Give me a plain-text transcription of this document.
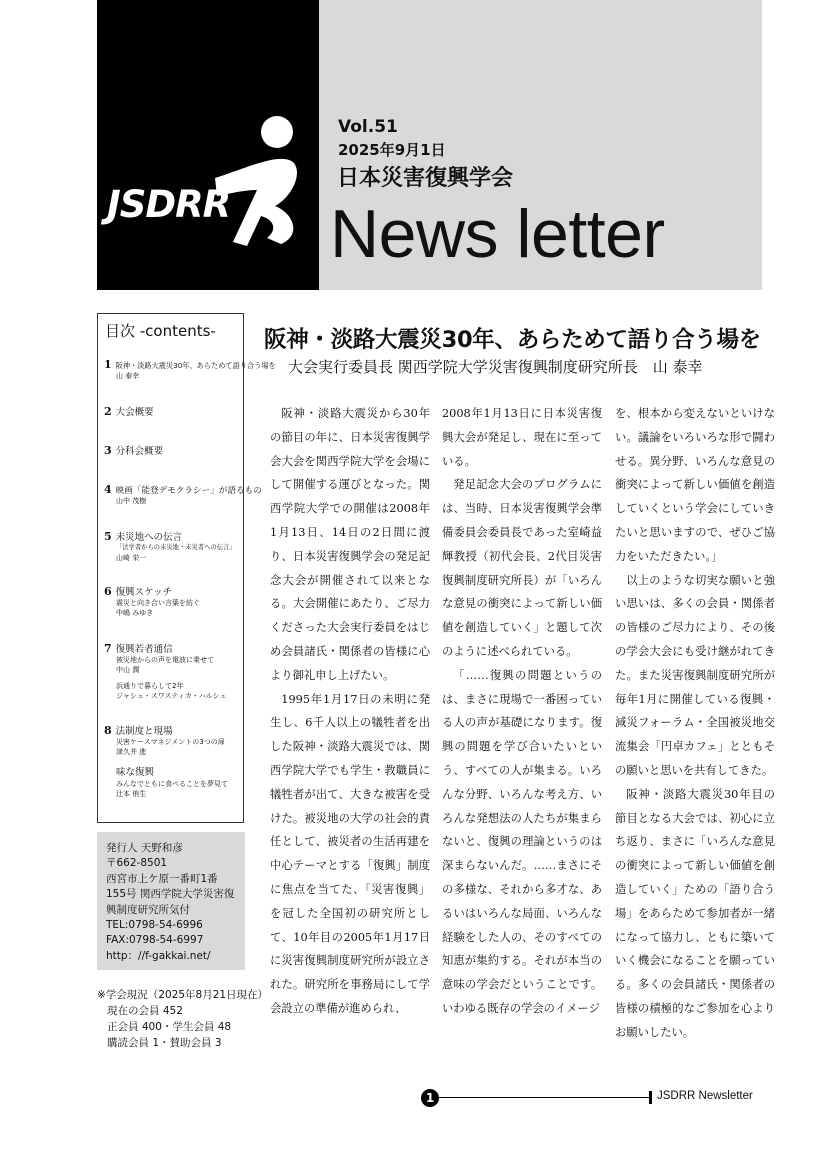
JSDRR
Vol.51
2025年9月1日
日本災害復興学会
News letter
目次 -contents-
1 阪神・淡路大震災30年、あらためて語り合う場を
山 泰幸
2 大会概要
3 分科会概要
4 映画「能登デモクラシー」が語るもの
山中 茂樹
5 未災地への伝言
「法学者からの未災地・未災者への伝言」
山崎 栄一
6 復興スケッチ
震災と向き合い言葉を紡ぐ
中嶋 みゆき
7 復興若者通信
被災地からの声を電波に乗せて
中山 潤
浜通りで暮らして2年
ジャシュ・スワスティカ・ハルシュ
8 法制度と現場
災害ケースマネジメントの3つの扉
津久井 進
味な復興
みんなでともに食べることを夢見て
辻本 侑生
発行人 天野和彦
〒662-8501
西宮市上ケ原一番町1番
155号 関西学院大学災害復
興制度研究所気付
TEL:0798-54-6996
FAX:0798-54-6997
http：//f-gakkai.net/
※学会現況（2025年8月21日現在）
現在の会員 452
正会員 400・学生会員 48
購読会員 1・賛助会員 3
阪神・淡路大震災30年、あらためて語り合う場を
大会実行委員長 関西学院大学災害復興制度研究所長　山 泰幸

阪神・淡路大震災から30年の節目の年に、日本災害復興学会大会を関西学院大学を会場にして開催する運びとなった。関西学院大学での開催は2008年1月13日、14日の2日間に渡り、日本災害復興学会の発足記念大会が開催されて以来となる。大会開催にあたり、ご尽力くださった大会実行委員をはじめ会員諸氏・関係者の皆様に心より御礼申し上げたい。

1995年1月17日の未明に発生し、6千人以上の犠牲者を出した阪神・淡路大震災では、関西学院大学でも学生・教職員に犠牲者が出て、大きな被害を受けた。被災地の大学の社会的責任として、被災者の生活再建を中心テーマとする「復興」制度に焦点を当てた、「災害復興」を冠した全国初の研究所として、10年目の2005年1月17日に災害復興制度研究所が設立された。研究所を事務局にして学会設立の準備が進められ、

2008年1月13日に日本災害復興大会が発足し、現在に至っている。

発足記念大会のプログラムには、当時、日本災害復興学会準備委員会委員長であった室崎益輝教授（初代会長、2代目災害復興制度研究所長）が「いろんな意見の衝突によって新しい価値を創造していく」と題して次のように述べられている。

「……復興の問題というのは、まさに現場で一番困っている人の声が基礎になります。復興の問題を学び合いたいという、すべての人が集まる。いろんな分野、いろんな考え方、いろんな発想法の人たちが集まらないと、復興の理論というのは深まらないんだ。……まさにその多様な、それから多才な、あるいはいろんな局面、いろんな経験をした人の、そのすべての知恵が集約する。それが本当の意味の学会だということです。いわゆる既存の学会のイメージ

を、根本から変えないといけない。議論をいろいろな形で闘わせる。異分野、いろんな意見の衝突によって新しい価値を創造していくという学会にしていきたいと思いますので、ぜひご協力をいただきたい。」

以上のような切実な願いと強い思いは、多くの会員・関係者の皆様のご尽力により、その後の学会大会にも受け継がれてきた。また災害復興制度研究所が毎年1月に開催している復興・減災フォーラム・全国被災地交流集会「円卓カフェ」とともその願いと思いを共有してきた。

阪神・淡路大震災30年目の節目となる大会では、初心に立ち返り、まさに「いろんな意見の衝突によって新しい価値を創造していく」ための「語り合う場」をあらためて参加者が一緒になって協力し、ともに築いていく機会になることを願っている。多くの会員諸氏・関係者の皆様の積極的なご参加を心よりお願いしたい。

1	JSDRR Newsletter
